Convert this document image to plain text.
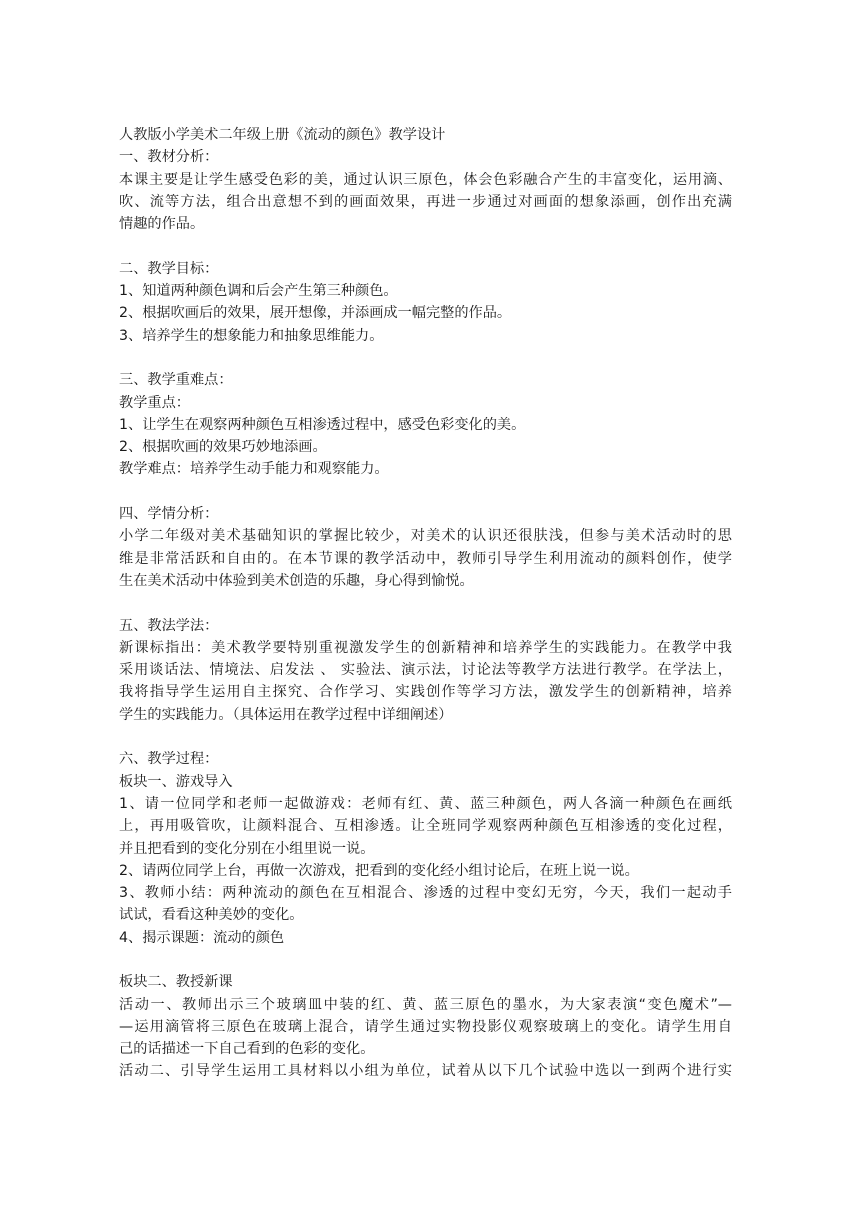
人教版小学美术二年级上册《流动的颜色》教学设计
一、教材分析：
本课主要是让学生感受色彩的美，通过认识三原色，体会色彩融合产生的丰富变化，运用滴、
吹、流等方法，组合出意想不到的画面效果，再进一步通过对画面的想象添画，创作出充满
情趣的作品。
二、教学目标：
1、知道两种颜色调和后会产生第三种颜色。
2、根据吹画后的效果，展开想像，并添画成一幅完整的作品。
3、培养学生的想象能力和抽象思维能力。
三、教学重难点：
教学重点：
1、让学生在观察两种颜色互相渗透过程中，感受色彩变化的美。
2、根据吹画的效果巧妙地添画。
教学难点：培养学生动手能力和观察能力。
四、学情分析：
小学二年级对美术基础知识的掌握比较少，对美术的认识还很肤浅，但参与美术活动时的思
维是非常活跃和自由的。在本节课的教学活动中，教师引导学生利用流动的颜料创作，使学
生在美术活动中体验到美术创造的乐趣，身心得到愉悦。
五、教法学法：
新课标指出：美术教学要特别重视激发学生的创新精神和培养学生的实践能力。在教学中我
采用谈话法、情境法、启发法 、 实验法、演示法，讨论法等教学方法进行教学。在学法上，
我将指导学生运用自主探究、合作学习、实践创作等学习方法，激发学生的创新精神，培养
学生的实践能力。（具体运用在教学过程中详细阐述）
六、教学过程：
板块一、游戏导入
1、请一位同学和老师一起做游戏：老师有红、黄、蓝三种颜色，两人各滴一种颜色在画纸
上，再用吸管吹，让颜料混合、互相渗透。让全班同学观察两种颜色互相渗透的变化过程，
并且把看到的变化分别在小组里说一说。
2、请两位同学上台，再做一次游戏，把看到的变化经小组讨论后，在班上说一说。
3、教师小结：两种流动的颜色在互相混合、渗透的过程中变幻无穷，今天，我们一起动手
试试，看看这种美妙的变化。
4、揭示课题：流动的颜色
板块二、教授新课
活动一、教师出示三个玻璃皿中装的红、黄、蓝三原色的墨水，为大家表演“变色魔术”—
—运用滴管将三原色在玻璃上混合，请学生通过实物投影仪观察玻璃上的变化。请学生用自
己的话描述一下自己看到的色彩的变化。
活动二、引导学生运用工具材料以小组为单位，试着从以下几个试验中选以一到两个进行实
